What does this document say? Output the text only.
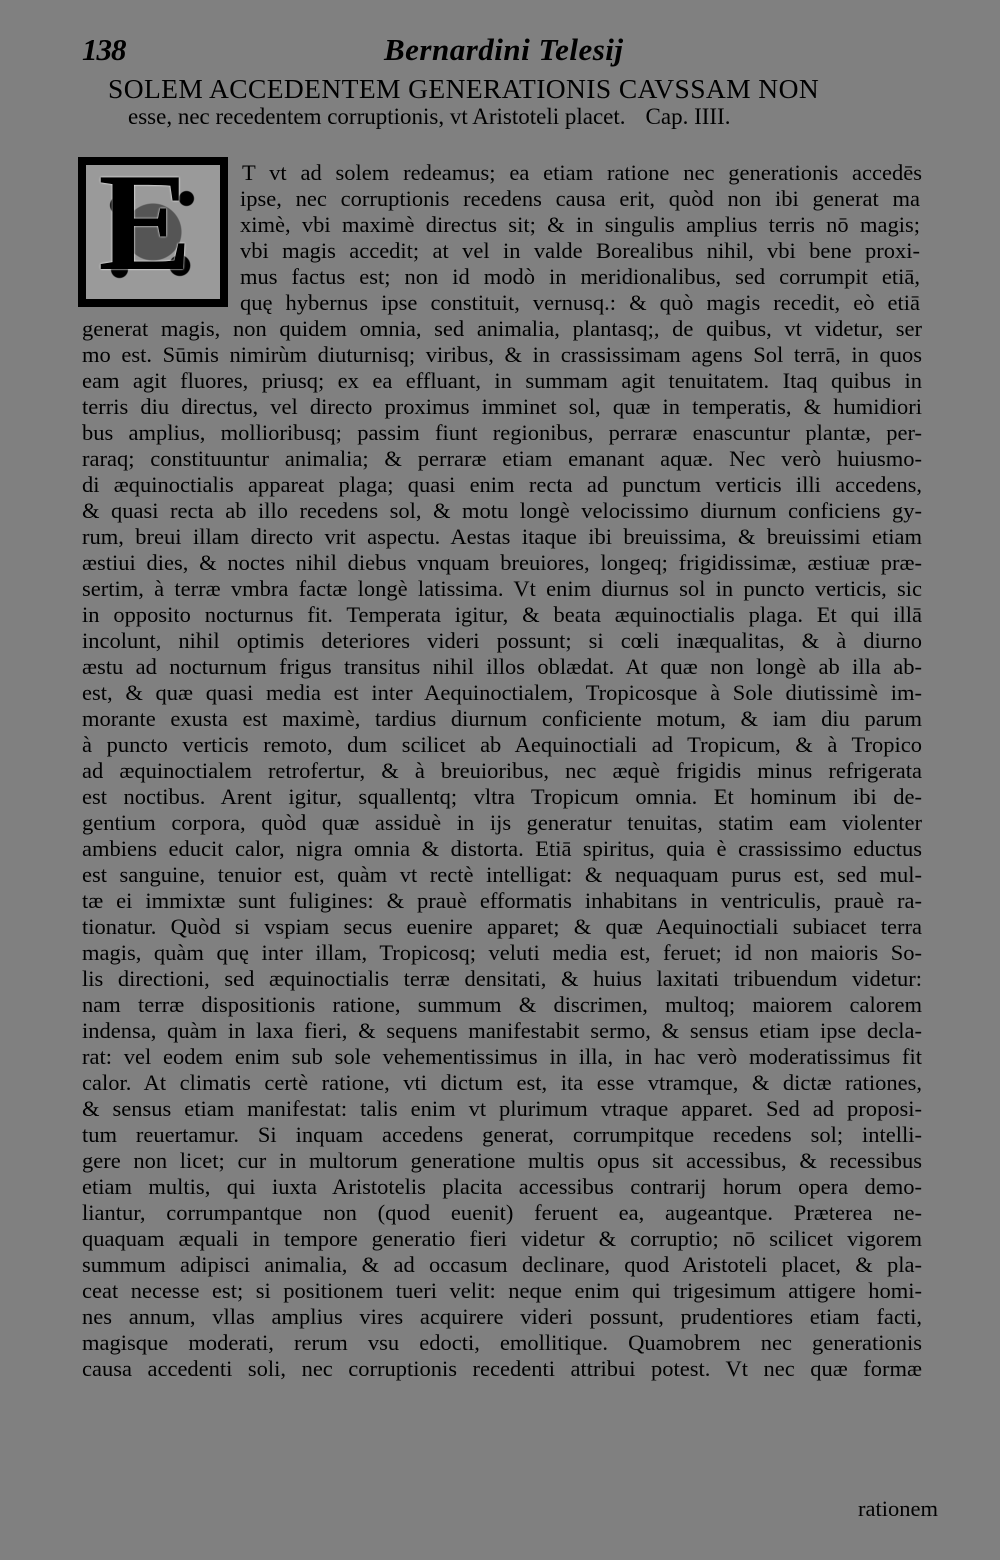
138	Bernardini Telesij
SOLEM ACCEDENTEM GENERATIONIS CAVSSAM NON
esse, nec recedentem corruptionis, vt Aristoteli placet. Cap. IIII.
E	T vt ad solem redeamus; ea etiam ratione nec generationis accedēs
ipse, nec corruptionis recedens causa erit, quòd non ibi generat ma
ximè, vbi maximè directus sit; & in singulis amplius terris nō magis;
vbi magis accedit; at vel in valde Borealibus nihil, vbi bene proxi-
mus factus est; non id modò in meridionalibus, sed corrumpit etiā,
quę hybernus ipse constituit, vernusq.: & quò magis recedit, eò etiā
generat magis, non quidem omnia, sed animalia, plantasq;, de quibus, vt videtur, ser
mo est. Sūmis nimirùm diuturnisq; viribus, & in crassissimam agens Sol terrā, in quos
eam agit fluores, priusq; ex ea effluant, in summam agit tenuitatem. Itaq quibus in
terris diu directus, vel directo proximus imminet sol, quæ in temperatis, & humidiori
bus amplius, mollioribusq; passim fiunt regionibus, perraræ enascuntur plantæ, per-
raraq; constituuntur animalia; & perraræ etiam emanant aquæ. Nec verò huiusmo-
di æquinoctialis appareat plaga; quasi enim recta ad punctum verticis illi accedens,
& quasi recta ab illo recedens sol, & motu longè velocissimo diurnum conficiens gy-
rum, breui illam directo vrit aspectu. Aestas itaque ibi breuissima, & breuissimi etiam
æstiui dies, & noctes nihil diebus vnquam breuiores, longeq; frigidissimæ, æstiuæ præ-
sertim, à terræ vmbra factæ longè latissima. Vt enim diurnus sol in puncto verticis, sic
in opposito nocturnus fit. Temperata igitur, & beata æquinoctialis plaga. Et qui illā
incolunt, nihil optimis deteriores videri possunt; si cœli inæqualitas, & à diurno
æstu ad nocturnum frigus transitus nihil illos oblædat. At quæ non longè ab illa ab-
est, & quæ quasi media est inter Aequinoctialem, Tropicosque à Sole diutissimè im-
morante exusta est maximè, tardius diurnum conficiente motum, & iam diu parum
à puncto verticis remoto, dum scilicet ab Aequinoctiali ad Tropicum, & à Tropico
ad æquinoctialem retrofertur, & à breuioribus, nec æquè frigidis minus refrigerata
est noctibus. Arent igitur, squallentq; vltra Tropicum omnia. Et hominum ibi de-
gentium corpora, quòd quæ assiduè in ijs generatur tenuitas, statim eam violenter
ambiens educit calor, nigra omnia & distorta. Etiā spiritus, quia è crassissimo eductus
est sanguine, tenuior est, quàm vt rectè intelligat: & nequaquam purus est, sed mul-
tæ ei immixtæ sunt fuligines: & prauè efformatis inhabitans in ventriculis, prauè ra-
tionatur. Quòd si vspiam secus euenire apparet; & quæ Aequinoctiali subiacet terra
magis, quàm quę inter illam, Tropicosq; veluti media est, feruet; id non maioris So-
lis directioni, sed æquinoctialis terræ densitati, & huius laxitati tribuendum videtur:
nam terræ dispositionis ratione, summum & discrimen, multoq; maiorem calorem
indensa, quàm in laxa fieri, & sequens manifestabit sermo, & sensus etiam ipse decla-
rat: vel eodem enim sub sole vehementissimus in illa, in hac verò moderatissimus fit
calor. At climatis certè ratione, vti dictum est, ita esse vtramque, & dictæ rationes,
& sensus etiam manifestat: talis enim vt plurimum vtraque apparet. Sed ad proposi-
tum reuertamur. Si inquam accedens generat, corrumpitque recedens sol; intelli-
gere non licet; cur in multorum generatione multis opus sit accessibus, & recessibus
etiam multis, qui iuxta Aristotelis placita accessibus contrarij horum opera demo-
liantur, corrumpantque non (quod euenit) feruent ea, augeantque. Præterea ne-
quaquam æquali in tempore generatio fieri videtur & corruptio; nō scilicet vigorem
summum adipisci animalia, & ad occasum declinare, quod Aristoteli placet, & pla-
ceat necesse est; si positionem tueri velit: neque enim qui trigesimum attigere homi-
nes annum, vllas amplius vires acquirere videri possunt, prudentiores etiam facti,
magisque moderati, rerum vsu edocti, emollitique. Quamobrem nec generationis
causa accedenti soli, nec corruptionis recedenti attribui potest. Vt nec quæ formæ
rationem
